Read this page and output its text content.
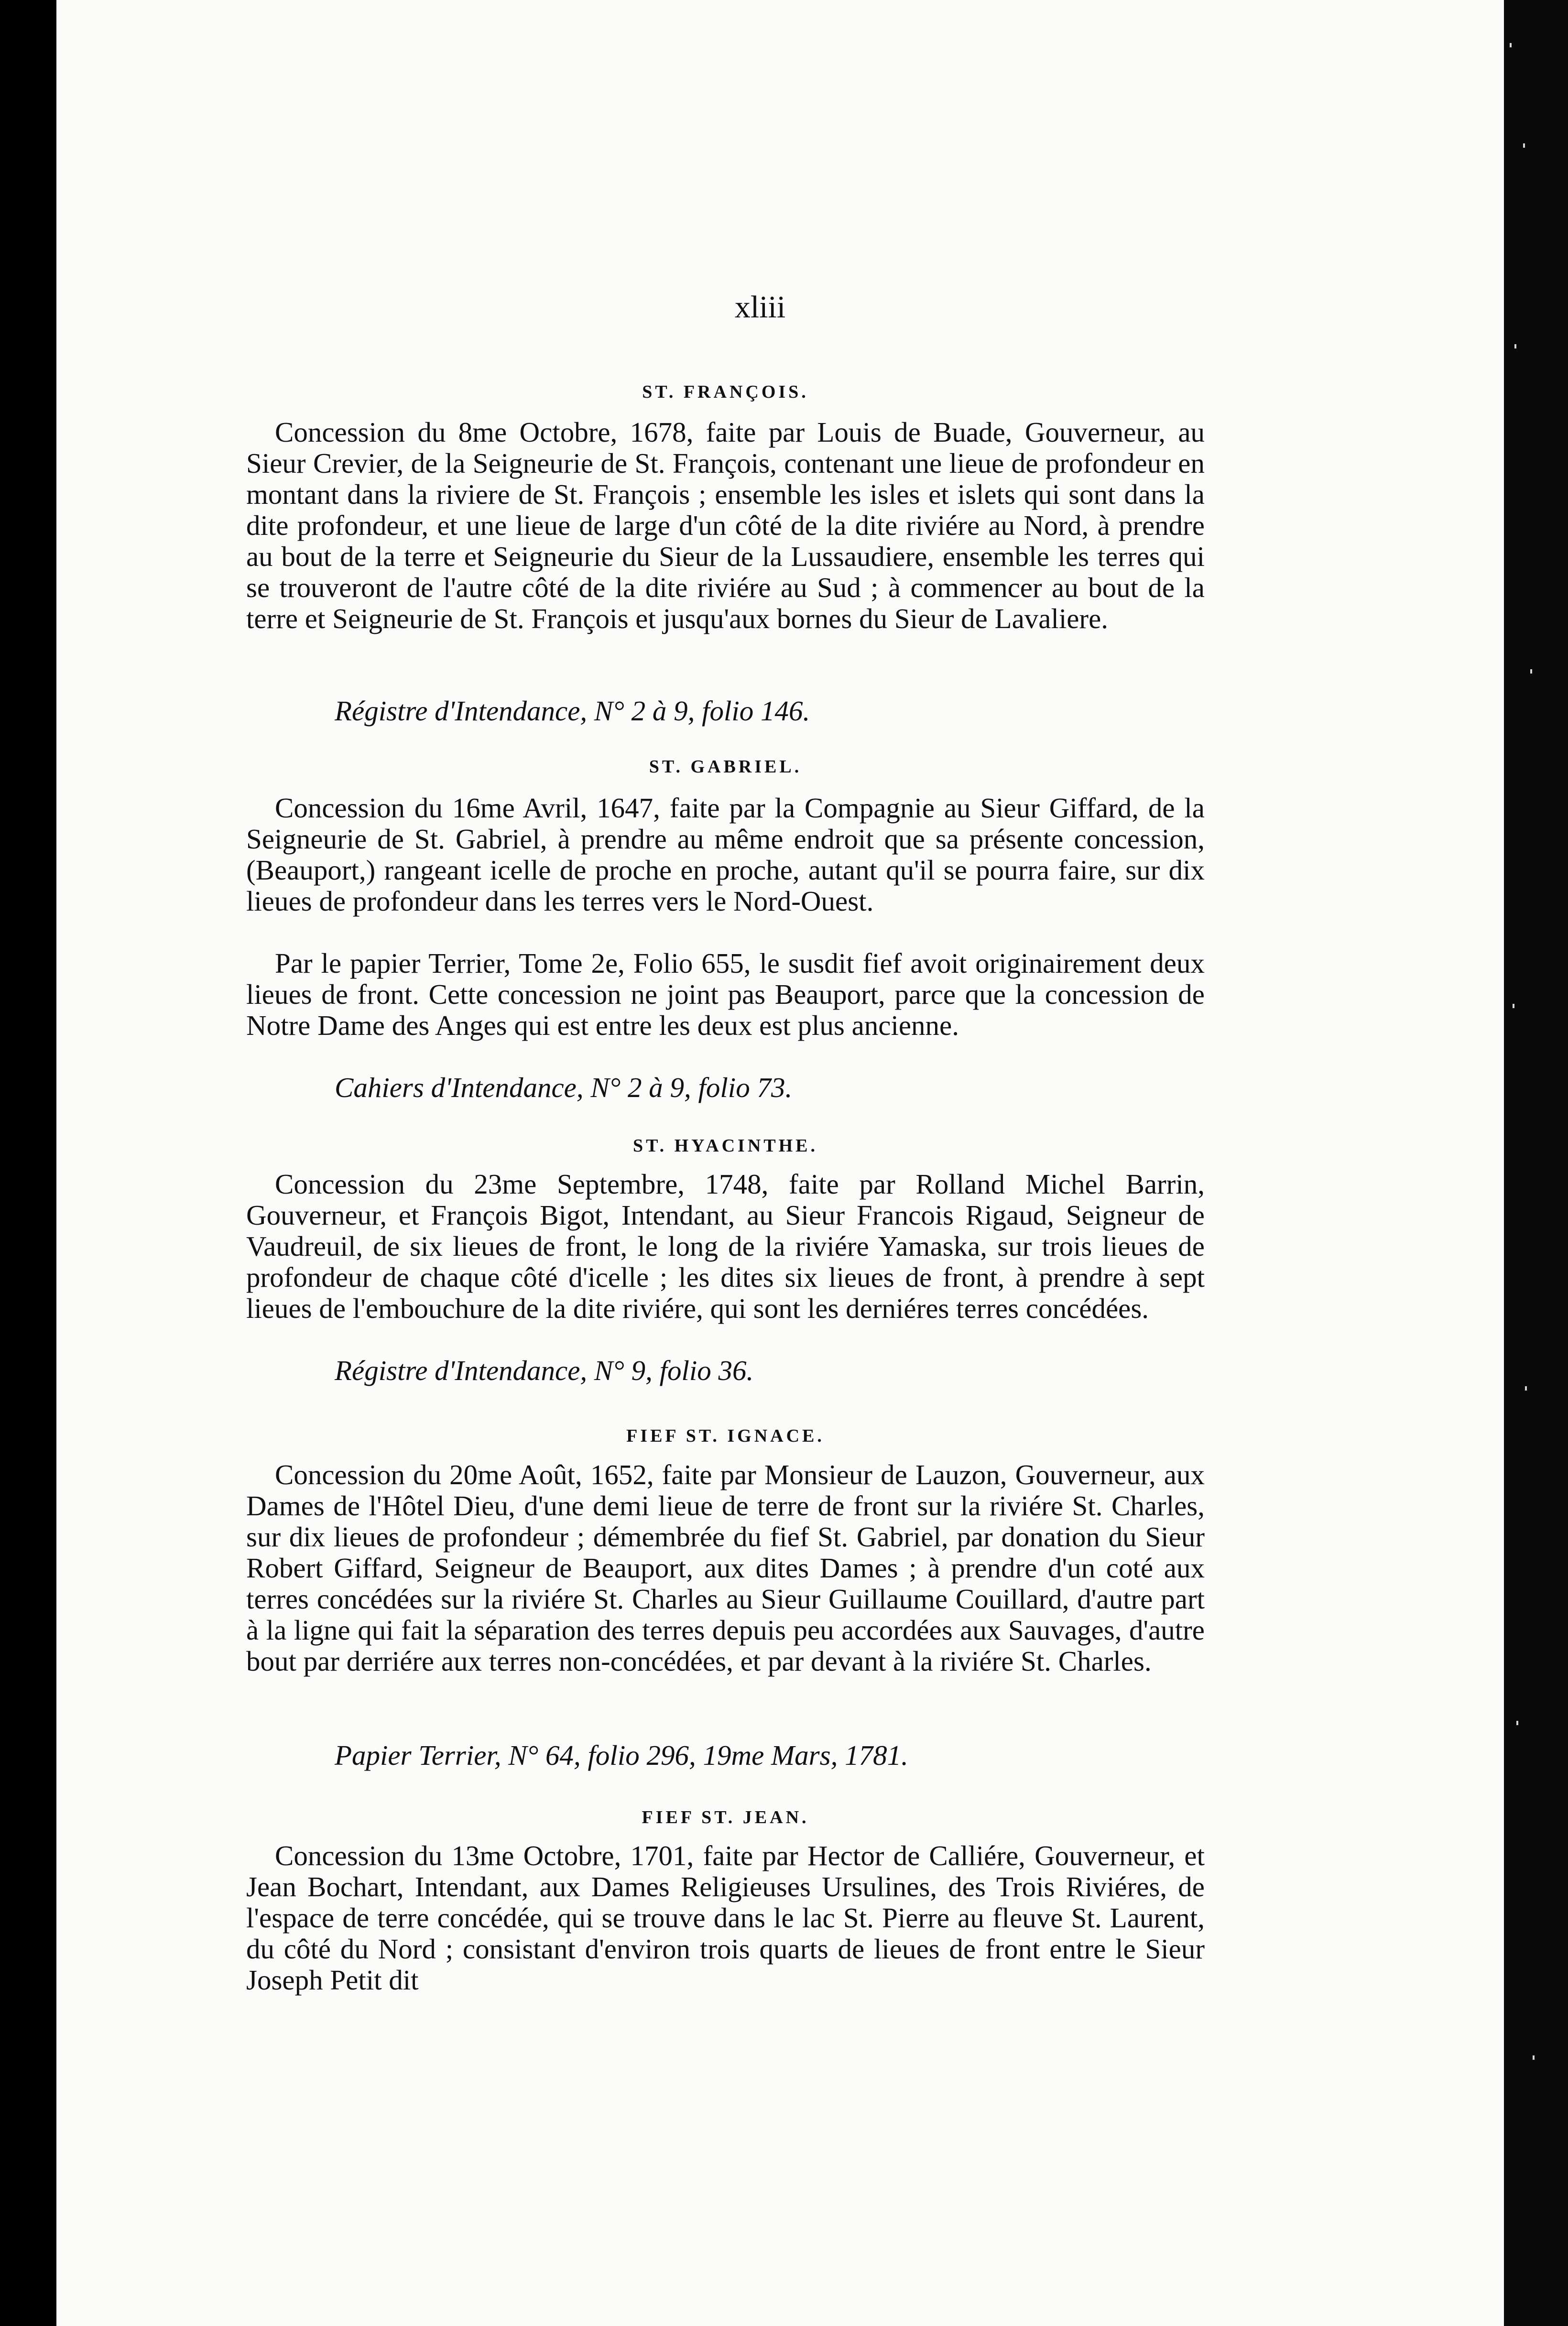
xliii
ST. FRANÇOIS.
Concession du 8me Octobre, 1678, faite par Louis de Buade, Gouverneur, au Sieur Crevier, de la Seigneurie de St. François, contenant une lieue de profondeur en montant dans la riviere de St. François ; ensemble les isles et islets qui sont dans la dite profondeur, et une lieue de large d'un côté de la dite riviére au Nord, à prendre au bout de la terre et Seigneurie du Sieur de la Lussaudiere, ensemble les terres qui se trouveront de l'autre côté de la dite riviére au Sud ; à commencer au bout de la terre et Seigneurie de St. François et jusqu'aux bornes du Sieur de Lavaliere.
Régistre d'Intendance, N° 2 à 9, folio 146.
ST. GABRIEL.
Concession du 16me Avril, 1647, faite par la Compagnie au Sieur Giffard, de la Seigneurie de St. Gabriel, à prendre au même endroit que sa présente concession, (Beauport,) rangeant icelle de proche en proche, autant qu'il se pourra faire, sur dix lieues de profondeur dans les terres vers le Nord-Ouest.
Par le papier Terrier, Tome 2e, Folio 655, le susdit fief avoit originairement deux lieues de front. Cette concession ne joint pas Beauport, parce que la concession de Notre Dame des Anges qui est entre les deux est plus ancienne.
Cahiers d'Intendance, N° 2 à 9, folio 73.
ST. HYACINTHE.
Concession du 23me Septembre, 1748, faite par Rolland Michel Barrin, Gouverneur, et François Bigot, Intendant, au Sieur Francois Rigaud, Seigneur de Vaudreuil, de six lieues de front, le long de la riviére Yamaska, sur trois lieues de profondeur de chaque côté d'icelle ; les dites six lieues de front, à prendre à sept lieues de l'embouchure de la dite riviére, qui sont les derniéres terres concédées.
Régistre d'Intendance, N° 9, folio 36.
FIEF ST. IGNACE.
Concession du 20me Août, 1652, faite par Monsieur de Lauzon, Gouverneur, aux Dames de l'Hôtel Dieu, d'une demi lieue de terre de front sur la riviére St. Charles, sur dix lieues de profondeur ; démembrée du fief St. Gabriel, par donation du Sieur Robert Giffard, Seigneur de Beauport, aux dites Dames ; à prendre d'un coté aux terres concédées sur la riviére St. Charles au Sieur Guillaume Couillard, d'autre part à la ligne qui fait la séparation des terres depuis peu accordées aux Sauvages, d'autre bout par derriére aux terres non-concédées, et par devant à la riviére St. Charles.
Papier Terrier, N° 64, folio 296, 19me Mars, 1781.
FIEF ST. JEAN.
Concession du 13me Octobre, 1701, faite par Hector de Calliére, Gouverneur, et Jean Bochart, Intendant, aux Dames Religieuses Ursulines, des Trois Riviéres, de l'espace de terre concédée, qui se trouve dans le lac St. Pierre au fleuve St. Laurent, du côté du Nord ; consistant d'environ trois quarts de lieues de front entre le Sieur Joseph Petit dit
